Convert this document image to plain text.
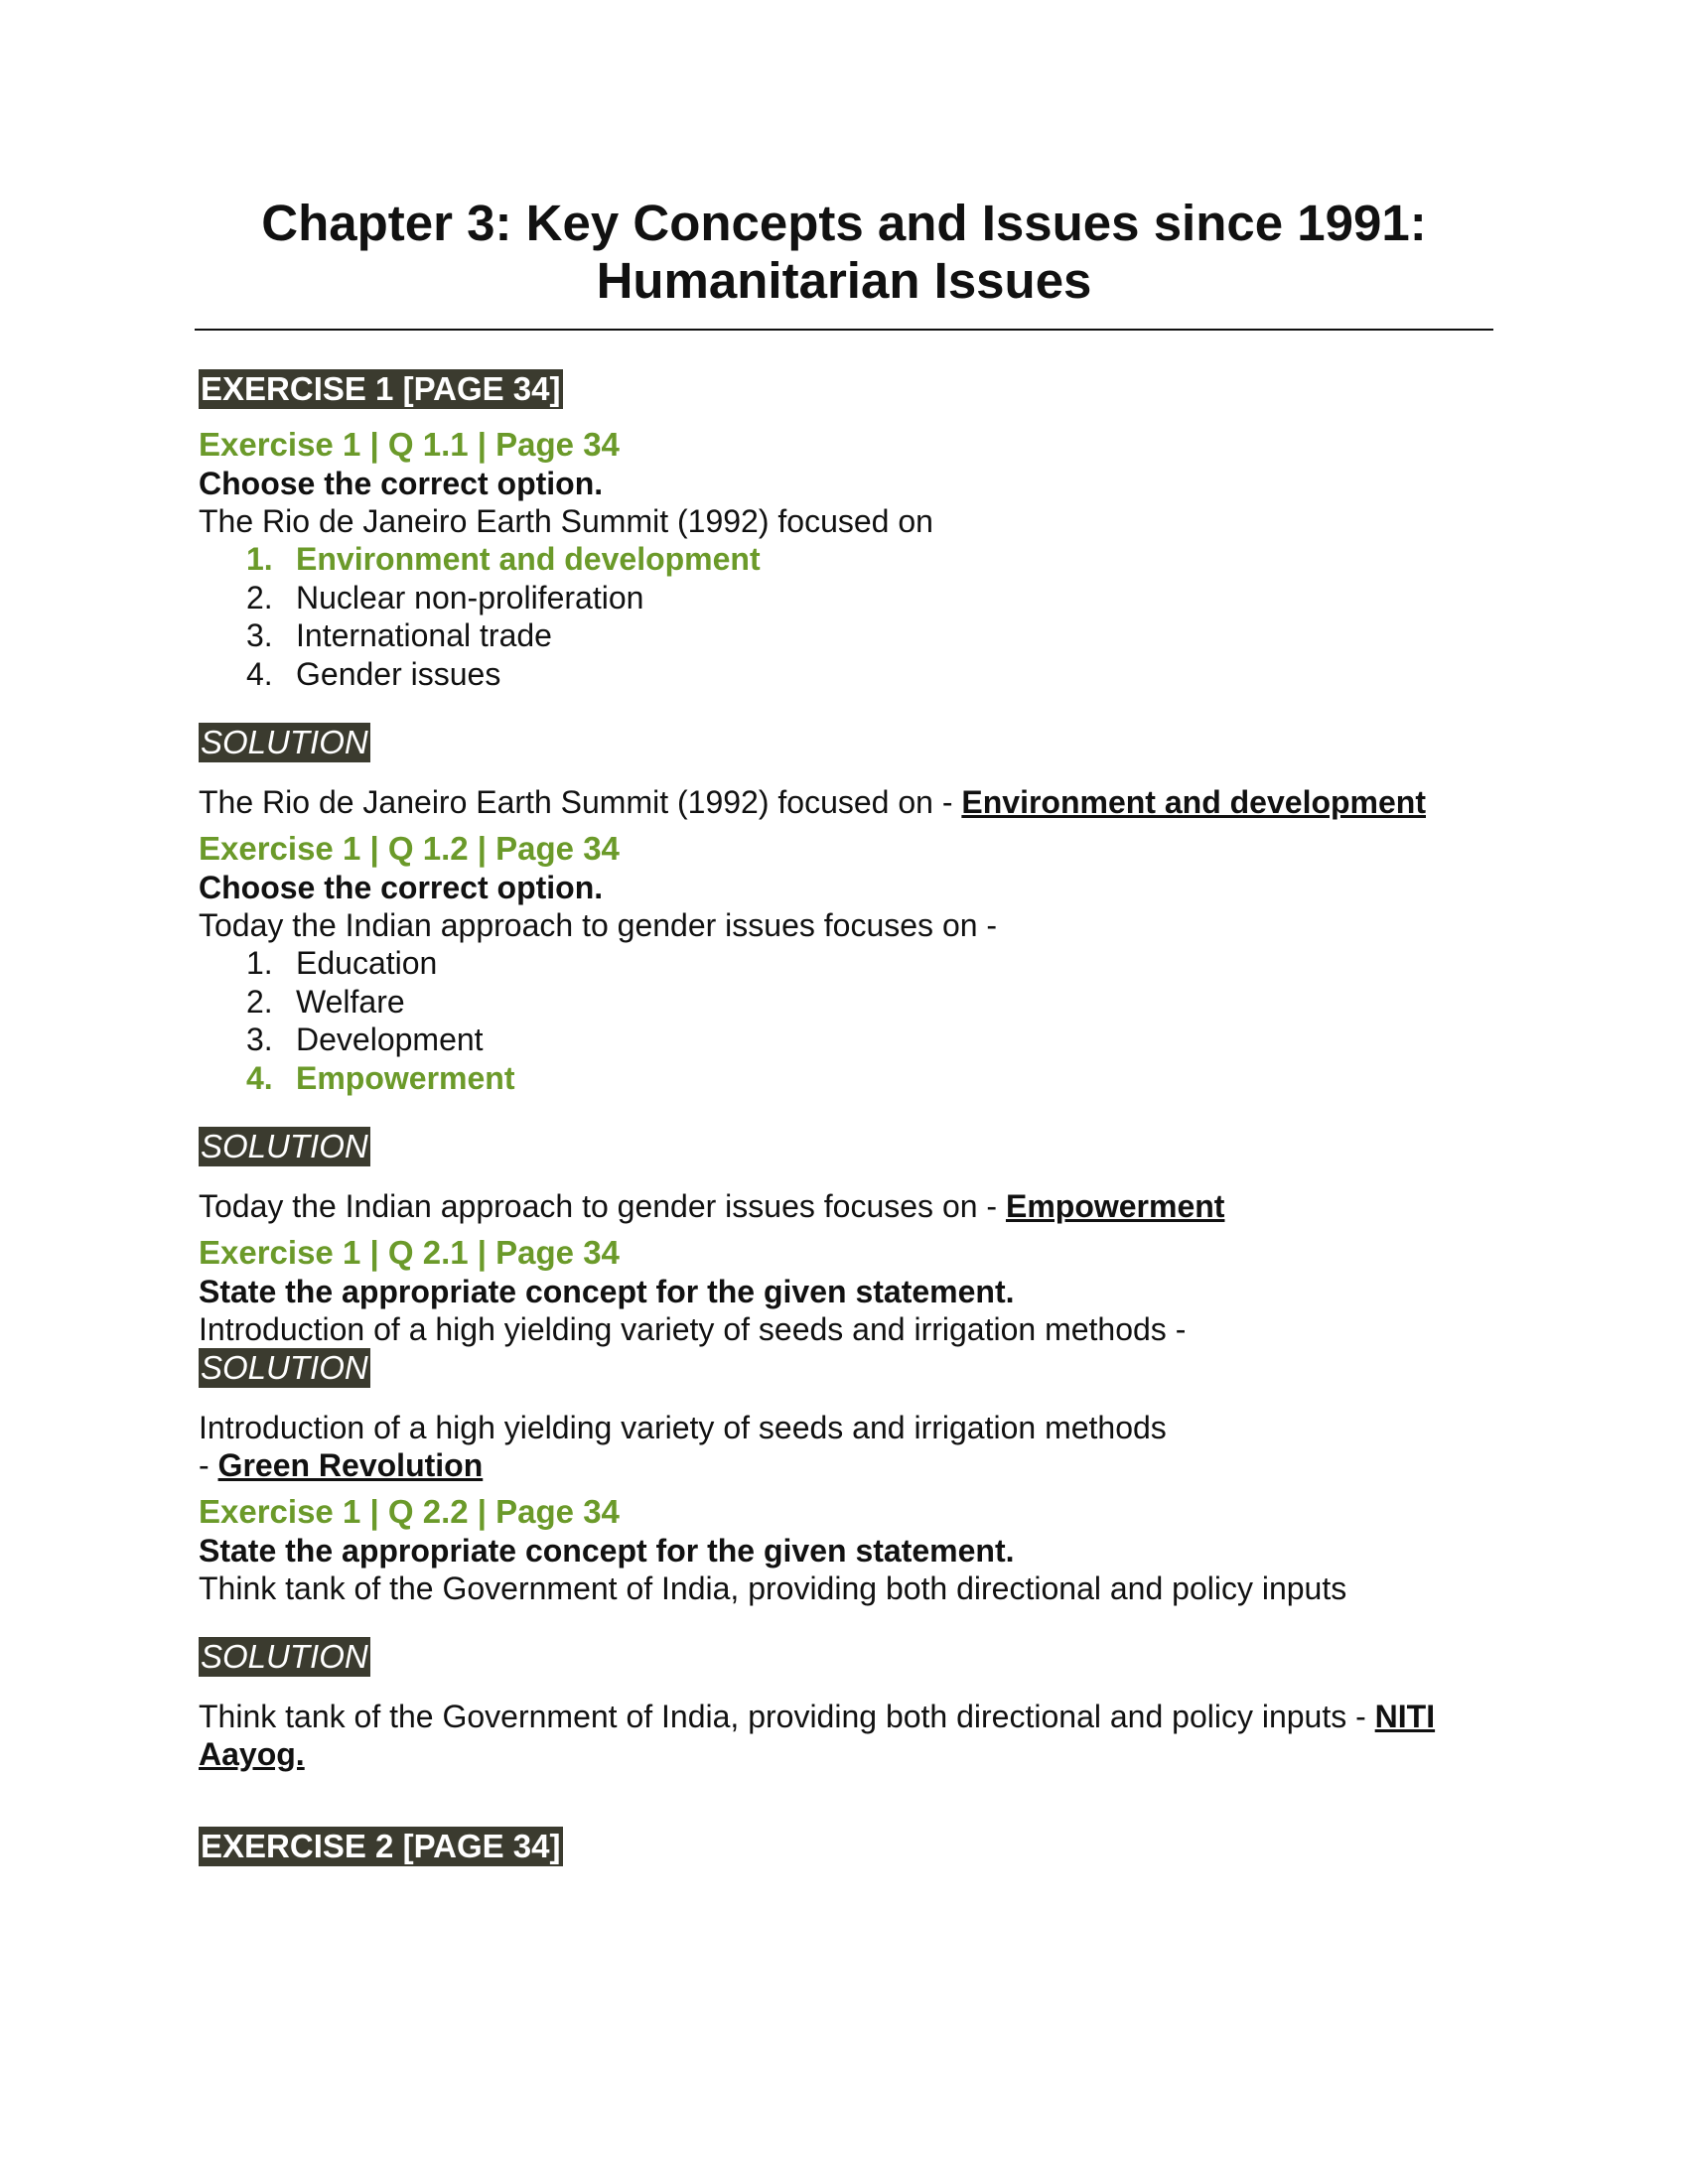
Chapter 3: Key Concepts and Issues since 1991:
Humanitarian Issues
EXERCISE 1 [PAGE 34]

Exercise 1 | Q 1.1 | Page 34

Choose the correct option.

The Rio de Janeiro Earth Summit (1992) focused on

1. Environment and development
2. Nuclear non-proliferation
3. International trade
4. Gender issues
SOLUTION

The Rio de Janeiro Earth Summit (1992) focused on - Environment and development

Exercise 1 | Q 1.2 | Page 34

Choose the correct option.

Today the Indian approach to gender issues focuses on -

1. Education
2. Welfare
3. Development
4. Empowerment
SOLUTION

Today the Indian approach to gender issues focuses on - Empowerment

Exercise 1 | Q 2.1 | Page 34

State the appropriate concept for the given statement.

Introduction of a high yielding variety of seeds and irrigation methods -

SOLUTION

Introduction of a high yielding variety of seeds and irrigation methods - Green Revolution

Exercise 1 | Q 2.2 | Page 34

State the appropriate concept for the given statement.

Think tank of the Government of India, providing both directional and policy inputs

SOLUTION

Think tank of the Government of India, providing both directional and policy inputs - NITI Aayog.

EXERCISE 2 [PAGE 34]
